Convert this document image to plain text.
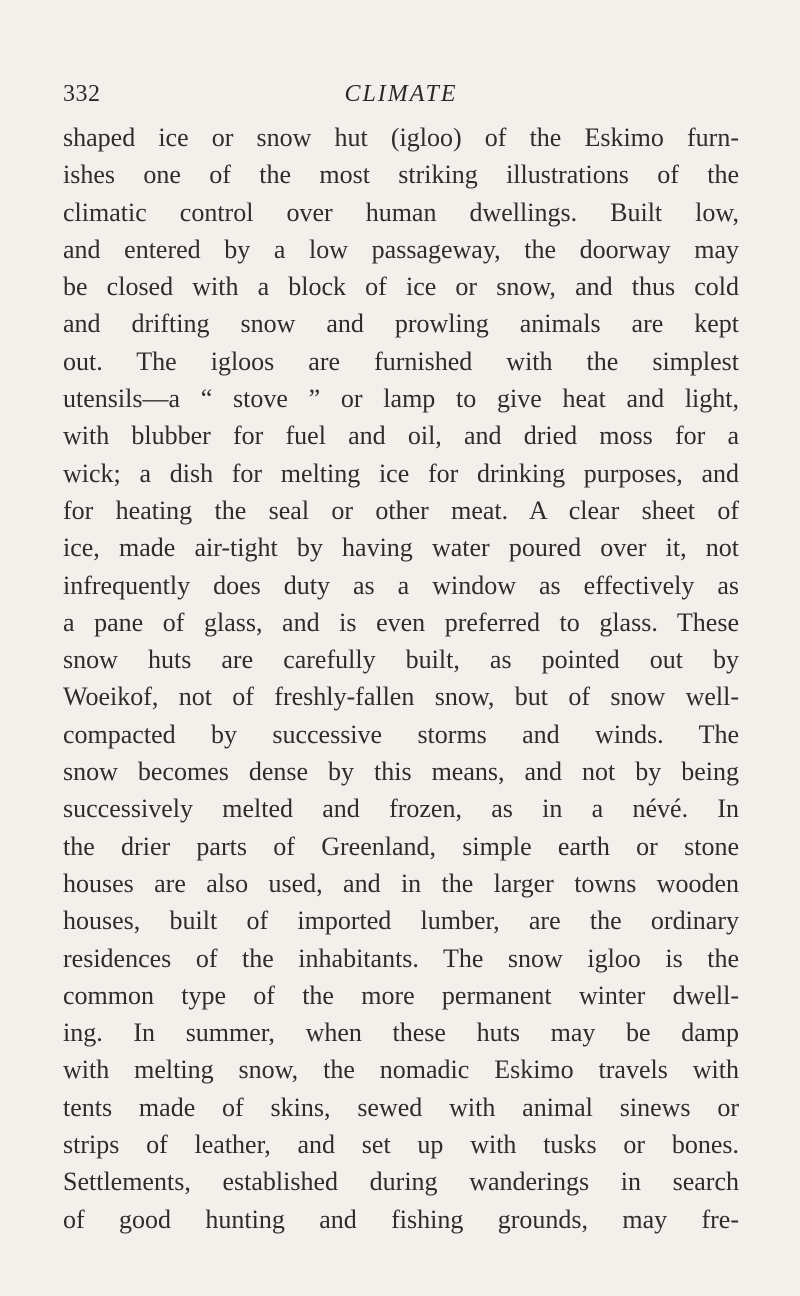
332	CLIMATE
shaped ice or snow hut (igloo) of the Eskimo furn-
ishes one of the most striking illustrations of the
climatic control over human dwellings. Built low,
and entered by a low passageway, the doorway may
be closed with a block of ice or snow, and thus cold
and drifting snow and prowling animals are kept
out. The igloos are furnished with the simplest
utensils—a “ stove ” or lamp to give heat and light,
with blubber for fuel and oil, and dried moss for a
wick; a dish for melting ice for drinking purposes, and
for heating the seal or other meat. A clear sheet of
ice, made air-tight by having water poured over it, not
infrequently does duty as a window as effectively as
a pane of glass, and is even preferred to glass. These
snow huts are carefully built, as pointed out by
Woeikof, not of freshly-fallen snow, but of snow well-
compacted by successive storms and winds. The
snow becomes dense by this means, and not by being
successively melted and frozen, as in a névé. In
the drier parts of Greenland, simple earth or stone
houses are also used, and in the larger towns wooden
houses, built of imported lumber, are the ordinary
residences of the inhabitants. The snow igloo is the
common type of the more permanent winter dwell-
ing. In summer, when these huts may be damp
with melting snow, the nomadic Eskimo travels with
tents made of skins, sewed with animal sinews or
strips of leather, and set up with tusks or bones.
Settlements, established during wanderings in search
of good hunting and fishing grounds, may fre-
